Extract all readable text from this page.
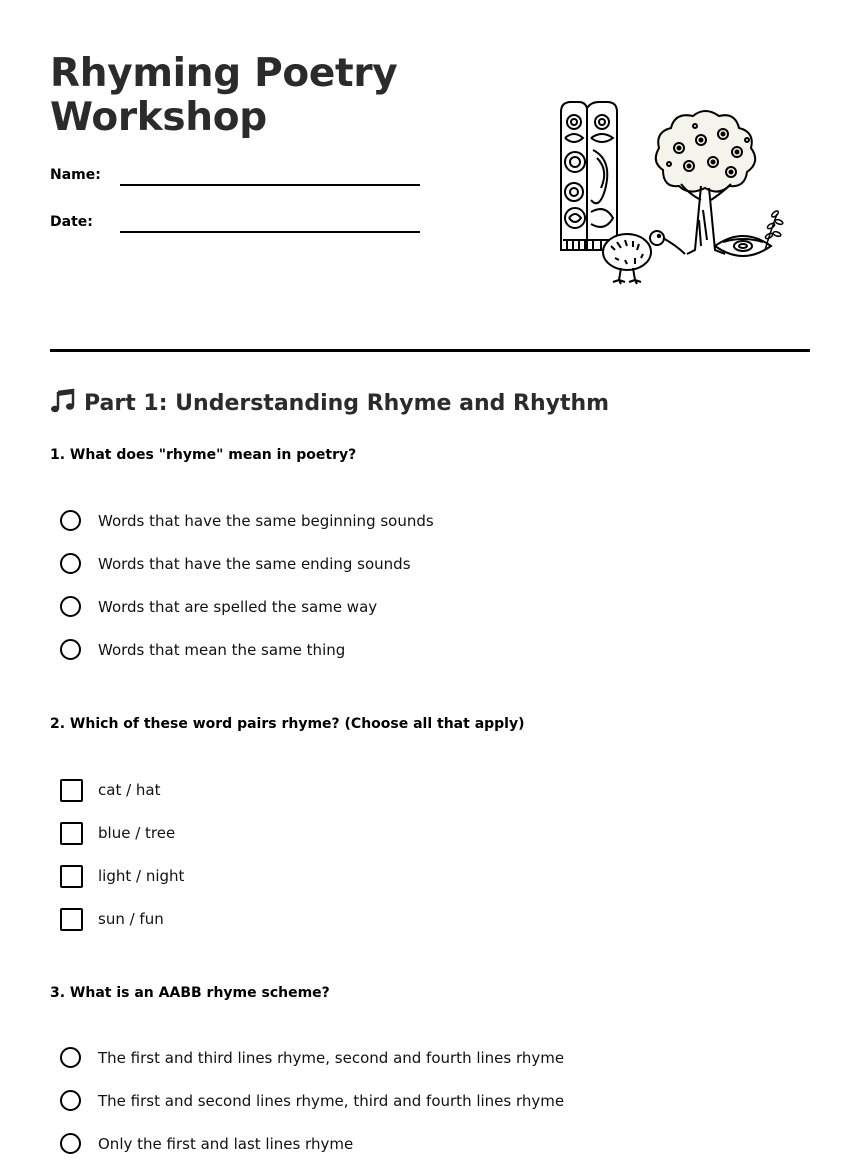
Rhyming Poetry
Workshop
Name:
Date:
Part 1: Understanding Rhyme and Rhythm

1. What does "rhyme" mean in poetry?

Words that have the same beginning sounds
Words that have the same ending sounds
Words that are spelled the same way
Words that mean the same thing

2. Which of these word pairs rhyme? (Choose all that apply)

cat / hat
blue / tree
light / night
sun / fun

3. What is an AABB rhyme scheme?

The first and third lines rhyme, second and fourth lines rhyme
The first and second lines rhyme, third and fourth lines rhyme
Only the first and last lines rhyme
